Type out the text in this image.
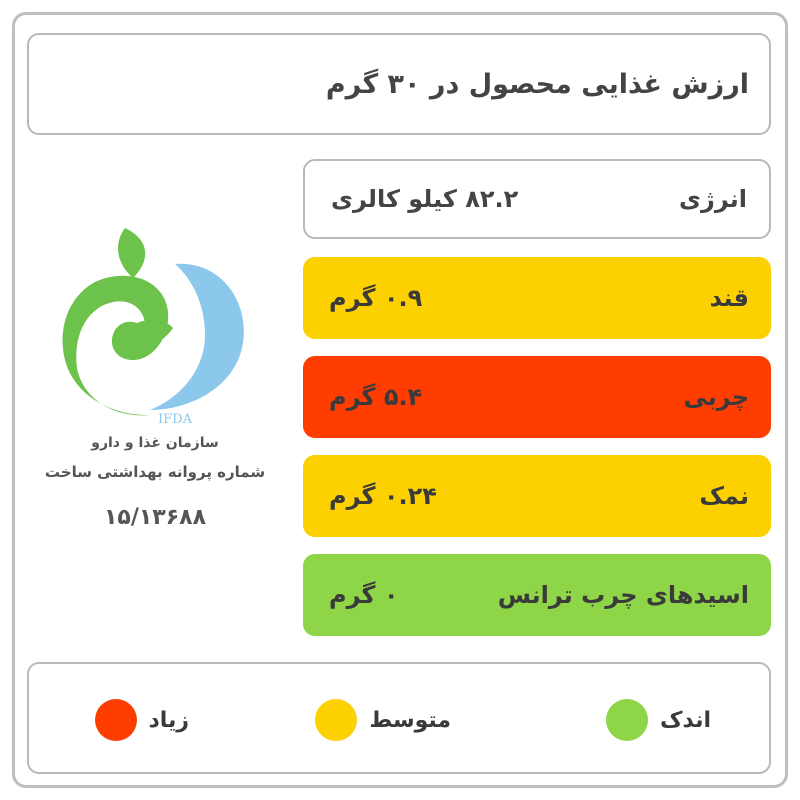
ارزش غذایی محصول در ۳۰ گرم
انرژی
۸۲.۲ کیلو کالری
قند
۰.۹ گرم
چربی
۵.۴ گرم
نمک
۰.۲۴ گرم
اسیدهای چرب ترانس
۰ گرم
IFDA
سازمان غذا و دارو
شماره پروانه بهداشتی ساخت
۱۵/۱۳۶۸۸
اندک
متوسط
زیاد
